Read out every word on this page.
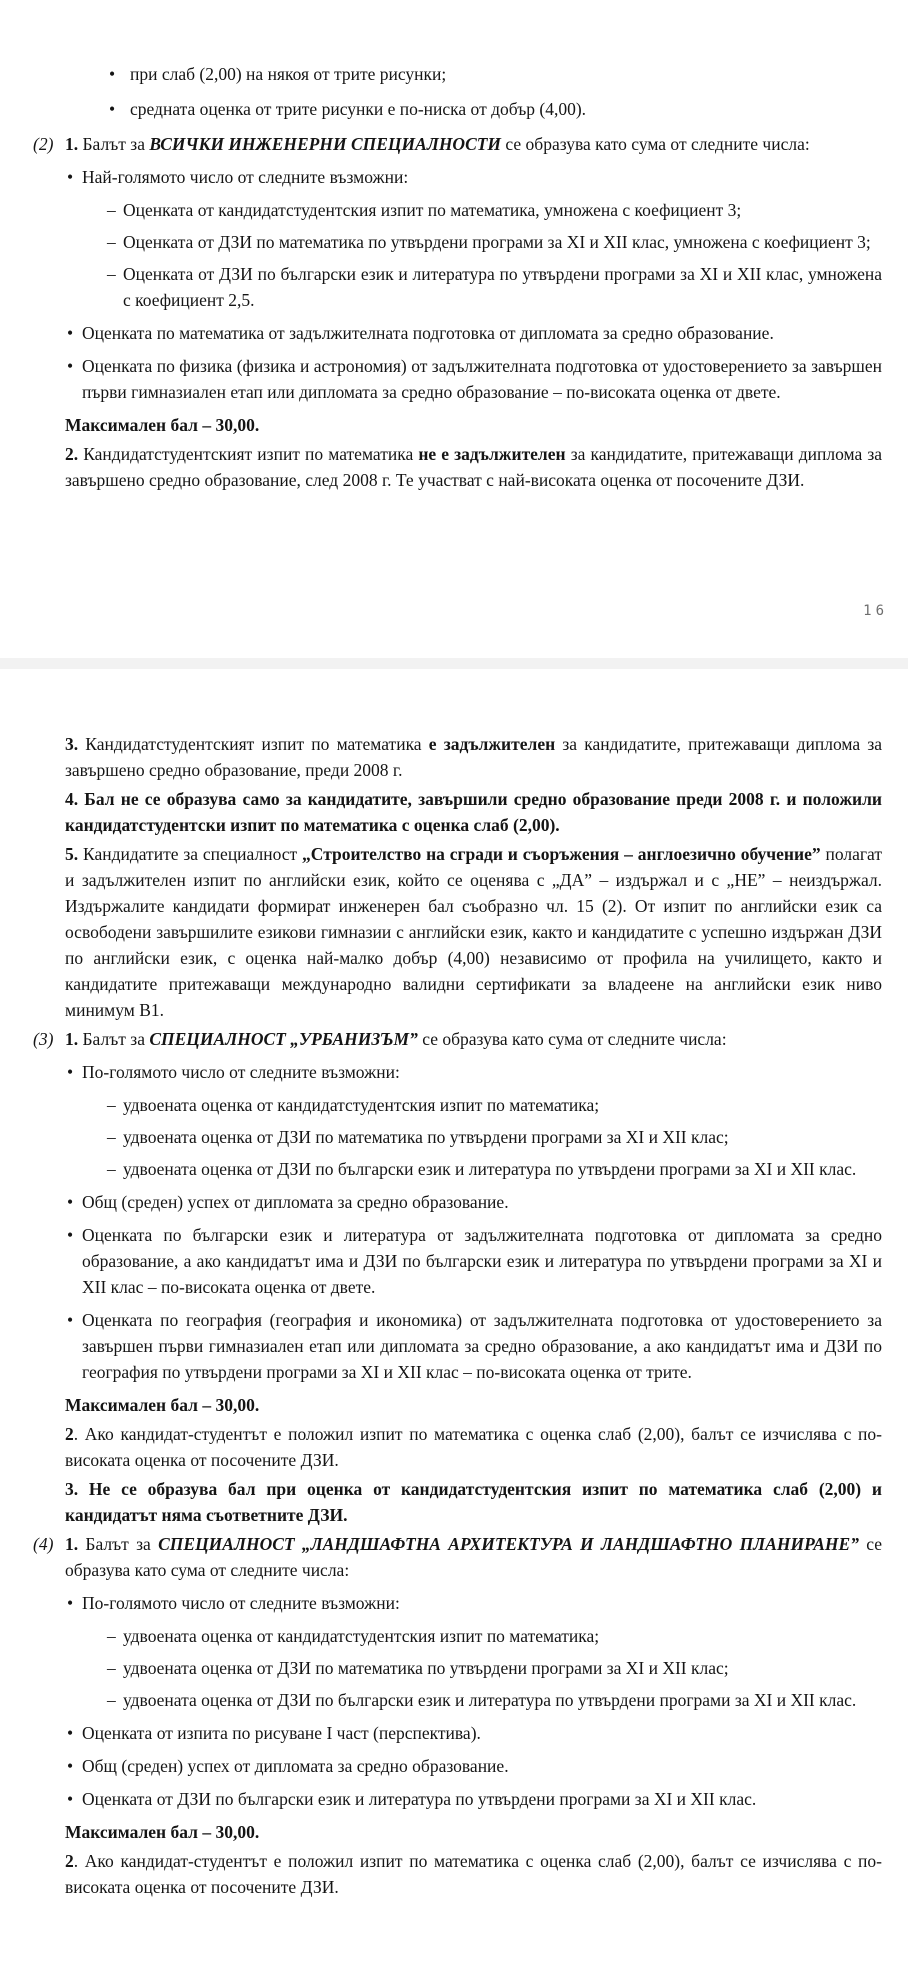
• при слаб (2,00) на някоя от трите рисунки;
• средната оценка от трите рисунки е по-ниска от добър (4,00).
(2) 1. Балът за ВСИЧКИ ИНЖЕНЕРНИ СПЕЦИАЛНОСТИ се образува като сума от следните числа:
• Най-голямото число от следните възможни:
– Оценката от кандидатстудентския изпит по математика, умножена с коефициент 3;
– Оценката от ДЗИ по математика по утвърдени програми за XI и XII клас, умножена с коефициент 3;
– Оценката от ДЗИ по български език и литература по утвърдени програми за XI и XII клас, умножена с коефициент 2,5.
• Оценката по математика от задължителната подготовка от дипломата за средно образование.
• Оценката по физика (физика и астрономия) от задължителната подготовка от удостоверението за завършен първи гимназиален етап или дипломата за средно образование – по-високата оценка от двете.
Максимален бал – 30,00.
2. Кандидатстудентският изпит по математика не е задължителен за кандидатите, притежаващи диплома за завършено средно образование, след 2008 г. Те участват с най-високата оценка от посочените ДЗИ.
16
3. Кандидатстудентският изпит по математика е задължителен за кандидатите, притежаващи диплома за завършено средно образование, преди 2008 г.
4. Бал не се образува само за кандидатите, завършили средно образование преди 2008 г. и положили кандидатстудентски изпит по математика с оценка слаб (2,00).
5. Кандидатите за специалност „Строителство на сгради и съоръжения – англоезично обучение” полагат и задължителен изпит по английски език, който се оценява с „ДА” – издържал и с „НЕ” – неиздържал. Издържалите кандидати формират инженерен бал съобразно чл. 15 (2). От изпит по английски език са освободени завършилите езикови гимназии с английски език, както и кандидатите с успешно издържан ДЗИ по английски език, с оценка най-малко добър (4,00) независимо от профила на училището, както и кандидатите притежаващи международно валидни сертификати за владеене на английски език ниво минимум B1.
(3) 1. Балът за СПЕЦИАЛНОСТ „УРБАНИЗЪМ” се образува като сума от следните числа:
• По-голямото число от следните възможни:
– удвоената оценка от кандидатстудентския изпит по математика;
– удвоената оценка от ДЗИ по математика по утвърдени програми за XI и XII клас;
– удвоената оценка от ДЗИ по български език и литература по утвърдени програми за XI и XII клас.
• Общ (среден) успех от дипломата за средно образование.
• Оценката по български език и литература от задължителната подготовка от дипломата за средно образование, а ако кандидатът има и ДЗИ по български език и литература по утвърдени програми за XI и XII клас – по-високата оценка от двете.
• Оценката по география (география и икономика) от задължителната подготовка от удостоверението за завършен първи гимназиален етап или дипломата за средно образование, а ако кандидатът има и ДЗИ по география по утвърдени програми за XI и XII клас – по-високата оценка от трите.
Максимален бал – 30,00.
2. Ако кандидат-студентът е положил изпит по математика с оценка слаб (2,00), балът се изчислява с по-високата оценка от посочените ДЗИ.
3. Не се образува бал при оценка от кандидатстудентския изпит по математика слаб (2,00) и кандидатът няма съответните ДЗИ.
(4) 1. Балът за СПЕЦИАЛНОСТ „ЛАНДШАФТНА АРХИТЕКТУРА И ЛАНДШАФТНО ПЛАНИРАНЕ” се образува като сума от следните числа:
• По-голямото число от следните възможни:
– удвоената оценка от кандидатстудентския изпит по математика;
– удвоената оценка от ДЗИ по математика по утвърдени програми за XI и XII клас;
– удвоената оценка от ДЗИ по български език и литература по утвърдени програми за XI и XII клас.
• Оценката от изпита по рисуване I част (перспектива).
• Общ (среден) успех от дипломата за средно образование.
• Оценката от ДЗИ по български език и литература по утвърдени програми за XI и XII клас.
Максимален бал – 30,00.
2. Ако кандидат-студентът е положил изпит по математика с оценка слаб (2,00), балът се изчислява с по-високата оценка от посочените ДЗИ.
